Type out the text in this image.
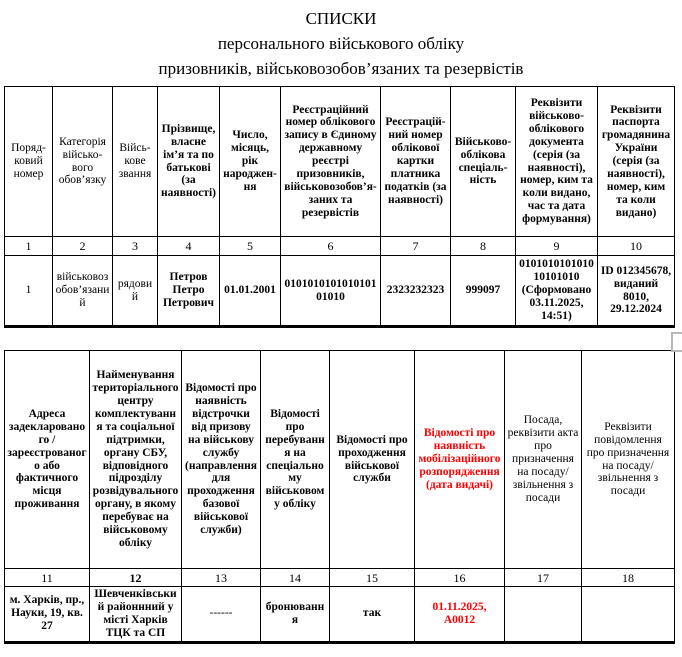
СПИСКИ
персонального військового обліку
призовників, військовозобов’язаних та резервістів
Поряд-ковий номер	Категорія військо-вого обов’язку	Війсь-кове звання	Прізвище, власне ім’я та по батькові (за наявності)	Число, місяць, рік народжен-ня	Реєстраційний номер облікового запису в Єдиному державному реєстрі призовників, військовозобов’я-заних та резервістів	Реєстрацій-ний номер облікової картки платника податків (за наявності)	Військово-облікова спеціаль-ність	Реквізити військово-облікового документа (серія (за наявності), номер, ким та коли видано, час та дата формування)	Реквізити паспорта громадянина України (серія (за наявності), номер, ким та коли видано)
1	2	3	4	5	6	7	8	9	10
1	військовозобов’язаний	рядовий	Петров Петро Петрович	01.01.2001	010101010101010101010	2323232323	999097	010101010101010101010 (Сформовано 03.11.2025, 14:51)	ID 012345678, виданий 8010, 29.12.2024
Адреса задекларованого / зареєстрованого або фактичного місця проживання	Найменування територіального центру комплектування та соціальної підтримки, органу СБУ, відповідного підрозділу розвідувального органу, в якому перебуває на військовому обліку	Відомості про наявність відстрочки від призову на військову службу (направлення для проходження базової військової служби)	Відомості про перебування на спеціальному військовому обліку	Відомості про проходження військової служби	Відомості про наявність мобілізаційного розпорядження (дата видачі)	Посада, реквізити акта про призначення на посаду/ звільнення з посади	Реквізити повідомлення про призначення на посаду/ звільнення з посади
11	12	13	14	15	16	17	18
м. Харків, пр., Науки, 19, кв. 27	Шевченківський районнний у місті Харків ТЦК та СП	------	бронювання	так	01.11.2025, А0012		
